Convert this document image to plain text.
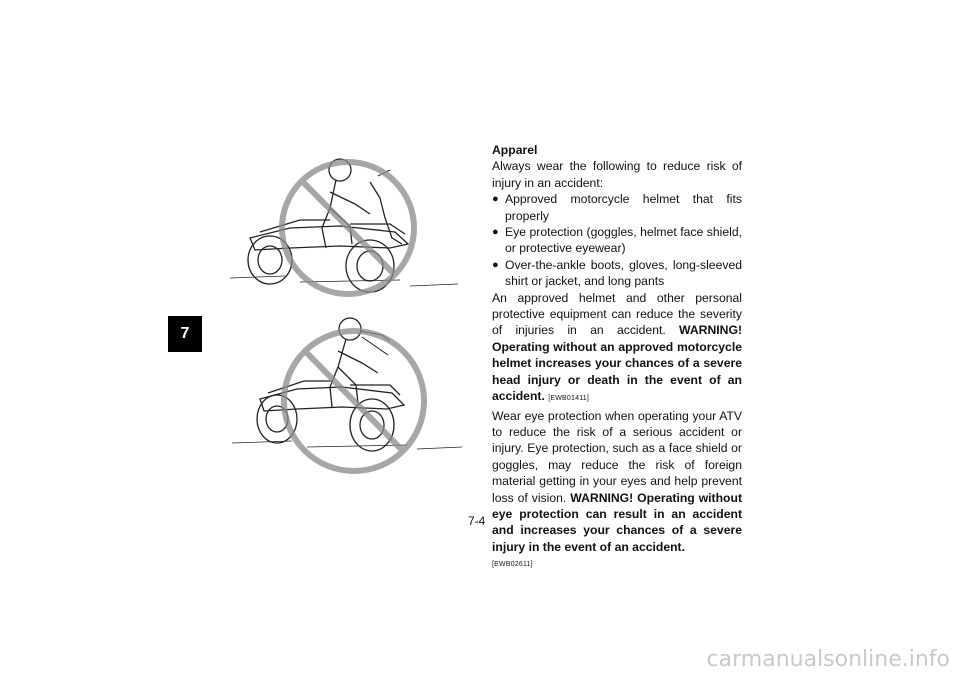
7

Apparel

Always wear the following to reduce risk of injury in an accident:

● Approved motorcycle helmet that fits properly
● Eye protection (goggles, helmet face shield, or protective eyewear)
● Over-the-ankle boots, gloves, long-sleeved shirt or jacket, and long pants

An approved helmet and other personal protective equipment can reduce the severity of injuries in an accident. WARNING! Operating without an approved motorcycle helmet increases your chances of a severe head injury or death in the event of an accident. [EWB01411]

Wear eye protection when operating your ATV to reduce the risk of a serious accident or injury. Eye protection, such as a face shield or goggles, may reduce the risk of foreign material getting in your eyes and help prevent loss of vision. WARNING! Operating without eye protection can result in an accident and increases your chances of a severe injury in the event of an accident.

[EWB02611]

7-4
carmanualsonline.info
